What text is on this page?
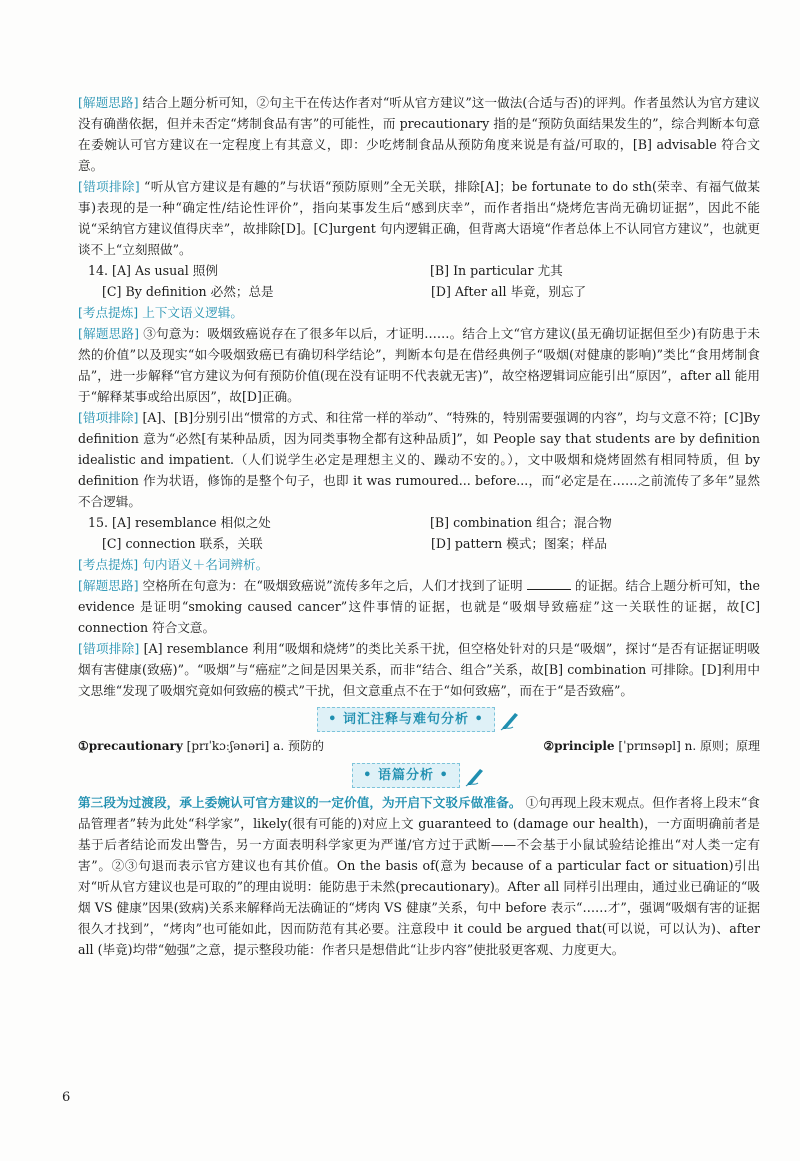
[解题思路] 结合上题分析可知，②句主干在传达作者对“听从官方建议”这一做法(合适与否)的评判。作者虽然认为官方建议没有确凿依据，但并未否定“烤制食品有害”的可能性，而 precautionary 指的是“预防负面结果发生的”，综合判断本句意在委婉认可官方建议在一定程度上有其意义，即：少吃烤制食品从预防角度来说是有益/可取的，[B] advisable 符合文意。

[错项排除] “听从官方建议是有趣的”与状语“预防原则”全无关联，排除[A]；be fortunate to do sth(荣幸、有福气做某事)表现的是一种“确定性/结论性评价”，指向某事发生后“感到庆幸”，而作者指出“烧烤危害尚无确切证据”，因此不能说“采纳官方建议值得庆幸”，故排除[D]。[C]urgent 句内逻辑正确，但背离大语境“作者总体上不认同官方建议”，也就更谈不上“立刻照做”。

14. [A] As usual 照例	[B] In particular 尤其
[C] By definition 必然；总是	[D] After all 毕竟，别忘了

[考点提炼] 上下文语义逻辑。

[解题思路] ③句意为：吸烟致癌说存在了很多年以后，才证明……。结合上文“官方建议(虽无确切证据但至少)有防患于未然的价值”以及现实“如今吸烟致癌已有确切科学结论”，判断本句是在借经典例子“吸烟(对健康的影响)”类比“食用烤制食品”，进一步解释“官方建议为何有预防价值(现在没有证明不代表就无害)”，故空格逻辑词应能引出“原因”，after all 能用于“解释某事或给出原因”，故[D]正确。

[错项排除] [A]、[B]分别引出“惯常的方式、和往常一样的举动”、“特殊的，特别需要强调的内容”，均与文意不符；[C]By definition 意为“必然[有某种品质，因为同类事物全都有这种品质]”，如 People say that students are by definition idealistic and impatient.（人们说学生必定是理想主义的、躁动不安的。），文中吸烟和烧烤固然有相同特质，但 by definition 作为状语，修饰的是整个句子，也即 it was rumoured... before...，而“必定是在……之前流传了多年”显然不合逻辑。

15. [A] resemblance 相似之处	[B] combination 组合；混合物
[C] connection 联系，关联	[D] pattern 模式；图案；样品

[考点提炼] 句内语义＋名词辨析。

[解题思路] 空格所在句意为：在“吸烟致癌说”流传多年之后，人们才找到了证明	的证据。结合上题分析可知，the evidence 是证明“smoking caused cancer”这件事情的证据，也就是“吸烟导致癌症”这一关联性的证据，故[C] connection 符合文意。

[错项排除] [A] resemblance 利用“吸烟和烧烤”的类比关系干扰，但空格处针对的只是“吸烟”，探讨“是否有证据证明吸烟有害健康(致癌)”。“吸烟”与“癌症”之间是因果关系，而非“结合、组合”关系，故[B] combination 可排除。[D]利用中文思维“发现了吸烟究竟如何致癌的模式”干扰，但文意重点不在于“如何致癌”，而在于“是否致癌”。

• 词汇注释与难句分析 •
①precautionary [prɪˈkɔːʃənəri] a. 预防的	②principle [ˈprɪnsəpl] n. 原则；原理
• 语篇分析 •

第三段为过渡段，承上委婉认可官方建议的一定价值，为开启下文驳斥做准备。 ①句再现上段末观点。但作者将上段末“食品管理者”转为此处“科学家”，likely(很有可能的)对应上文 guaranteed to (damage our health)，一方面明确前者是基于后者结论而发出警告，另一方面表明科学家更为严谨/官方过于武断——不会基于小鼠试验结论推出“对人类一定有害”。②③句退而表示官方建议也有其价值。On the basis of(意为 because of a particular fact or situation)引出对“听从官方建议也是可取的”的理由说明：能防患于未然(precautionary)。After all 同样引出理由，通过业已确证的“吸烟 VS 健康”因果(致病)关系来解释尚无法确证的“烤肉 VS 健康”关系，句中 before 表示“……才”，强调“吸烟有害的证据很久才找到”，“烤肉”也可能如此，因而防范有其必要。注意段中 it could be argued that(可以说，可以认为)、after all (毕竟)均带“勉强”之意，提示整段功能：作者只是想借此“让步内容”使批驳更客观、力度更大。

6
